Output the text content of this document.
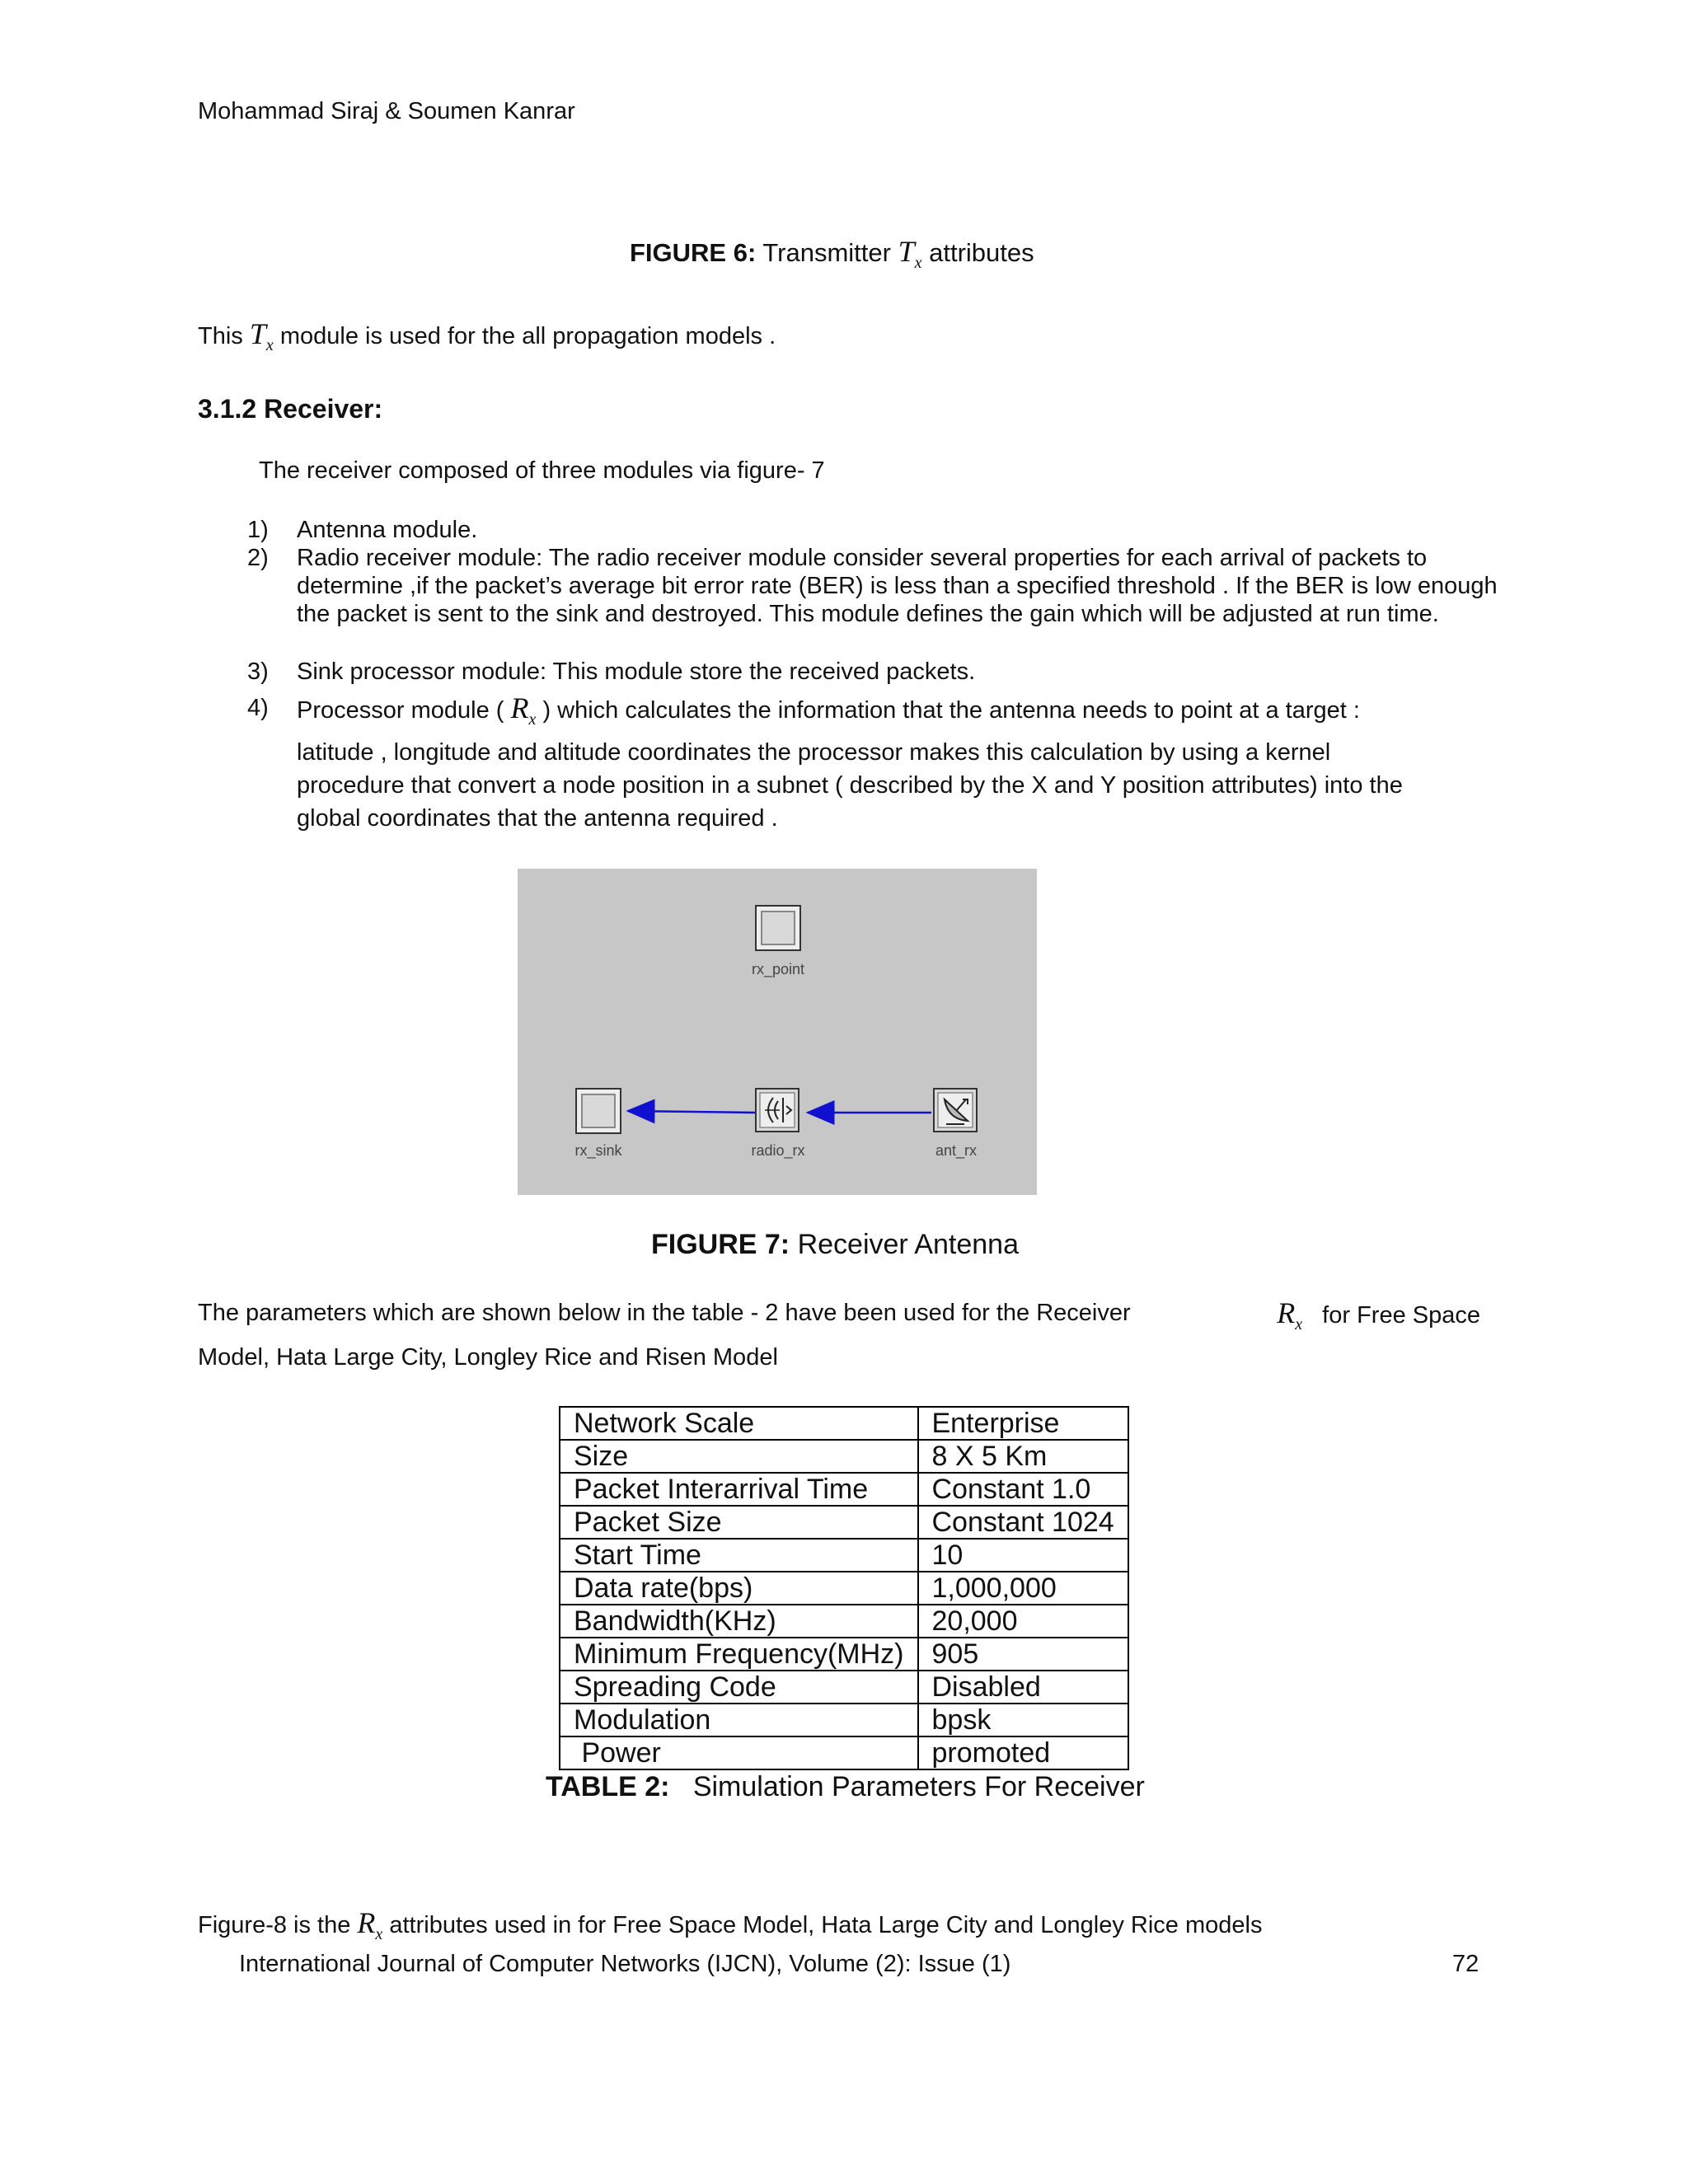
Mohammad Siraj & Soumen Kanrar
FIGURE 6: Transmitter $T_x$ attributes
This $T_x$ module is used for the all propagation models .
3.1.2 Receiver:
The receiver composed of three modules via figure- 7
1) Antenna module.
2) Radio receiver module: The radio receiver module consider several properties for each arrival of packets to determine ,if the packet’s average bit error rate (BER) is less than a specified threshold . If the BER is low enough the packet is sent to the sink and destroyed. This module defines the gain which will be adjusted at run time.
3) Sink processor module: This module store the received packets.
4) Processor module ( $R_x$ ) which calculates the information that the antenna needs to point at a target :
latitude , longitude and altitude coordinates the processor makes this calculation by using a kernel
procedure that convert a node position in a subnet ( described by the X and Y position attributes) into the
global coordinates that the antenna required .
rx_point
rx_sink	radio_rx	ant_rx
FIGURE 7: Receiver Antenna
The parameters which are shown below in the table - 2 have been used for the Receiver	$R_x$ for Free Space
Model, Hata Large City, Longley Rice and Risen Model
Network Scale	Enterprise
Size	8 X 5 Km
Packet Interarrival Time	Constant 1.0
Packet Size	Constant 1024
Start Time	10
Data rate(bps)	1,000,000
Bandwidth(KHz)	20,000
Minimum Frequency(MHz)	905
Spreading Code	Disabled
Modulation	bpsk
Power	promoted
TABLE 2: Simulation Parameters For Receiver
Figure-8 is the $R_x$ attributes used in for Free Space Model, Hata Large City and Longley Rice models
International Journal of Computer Networks (IJCN), Volume (2): Issue (1)	72
